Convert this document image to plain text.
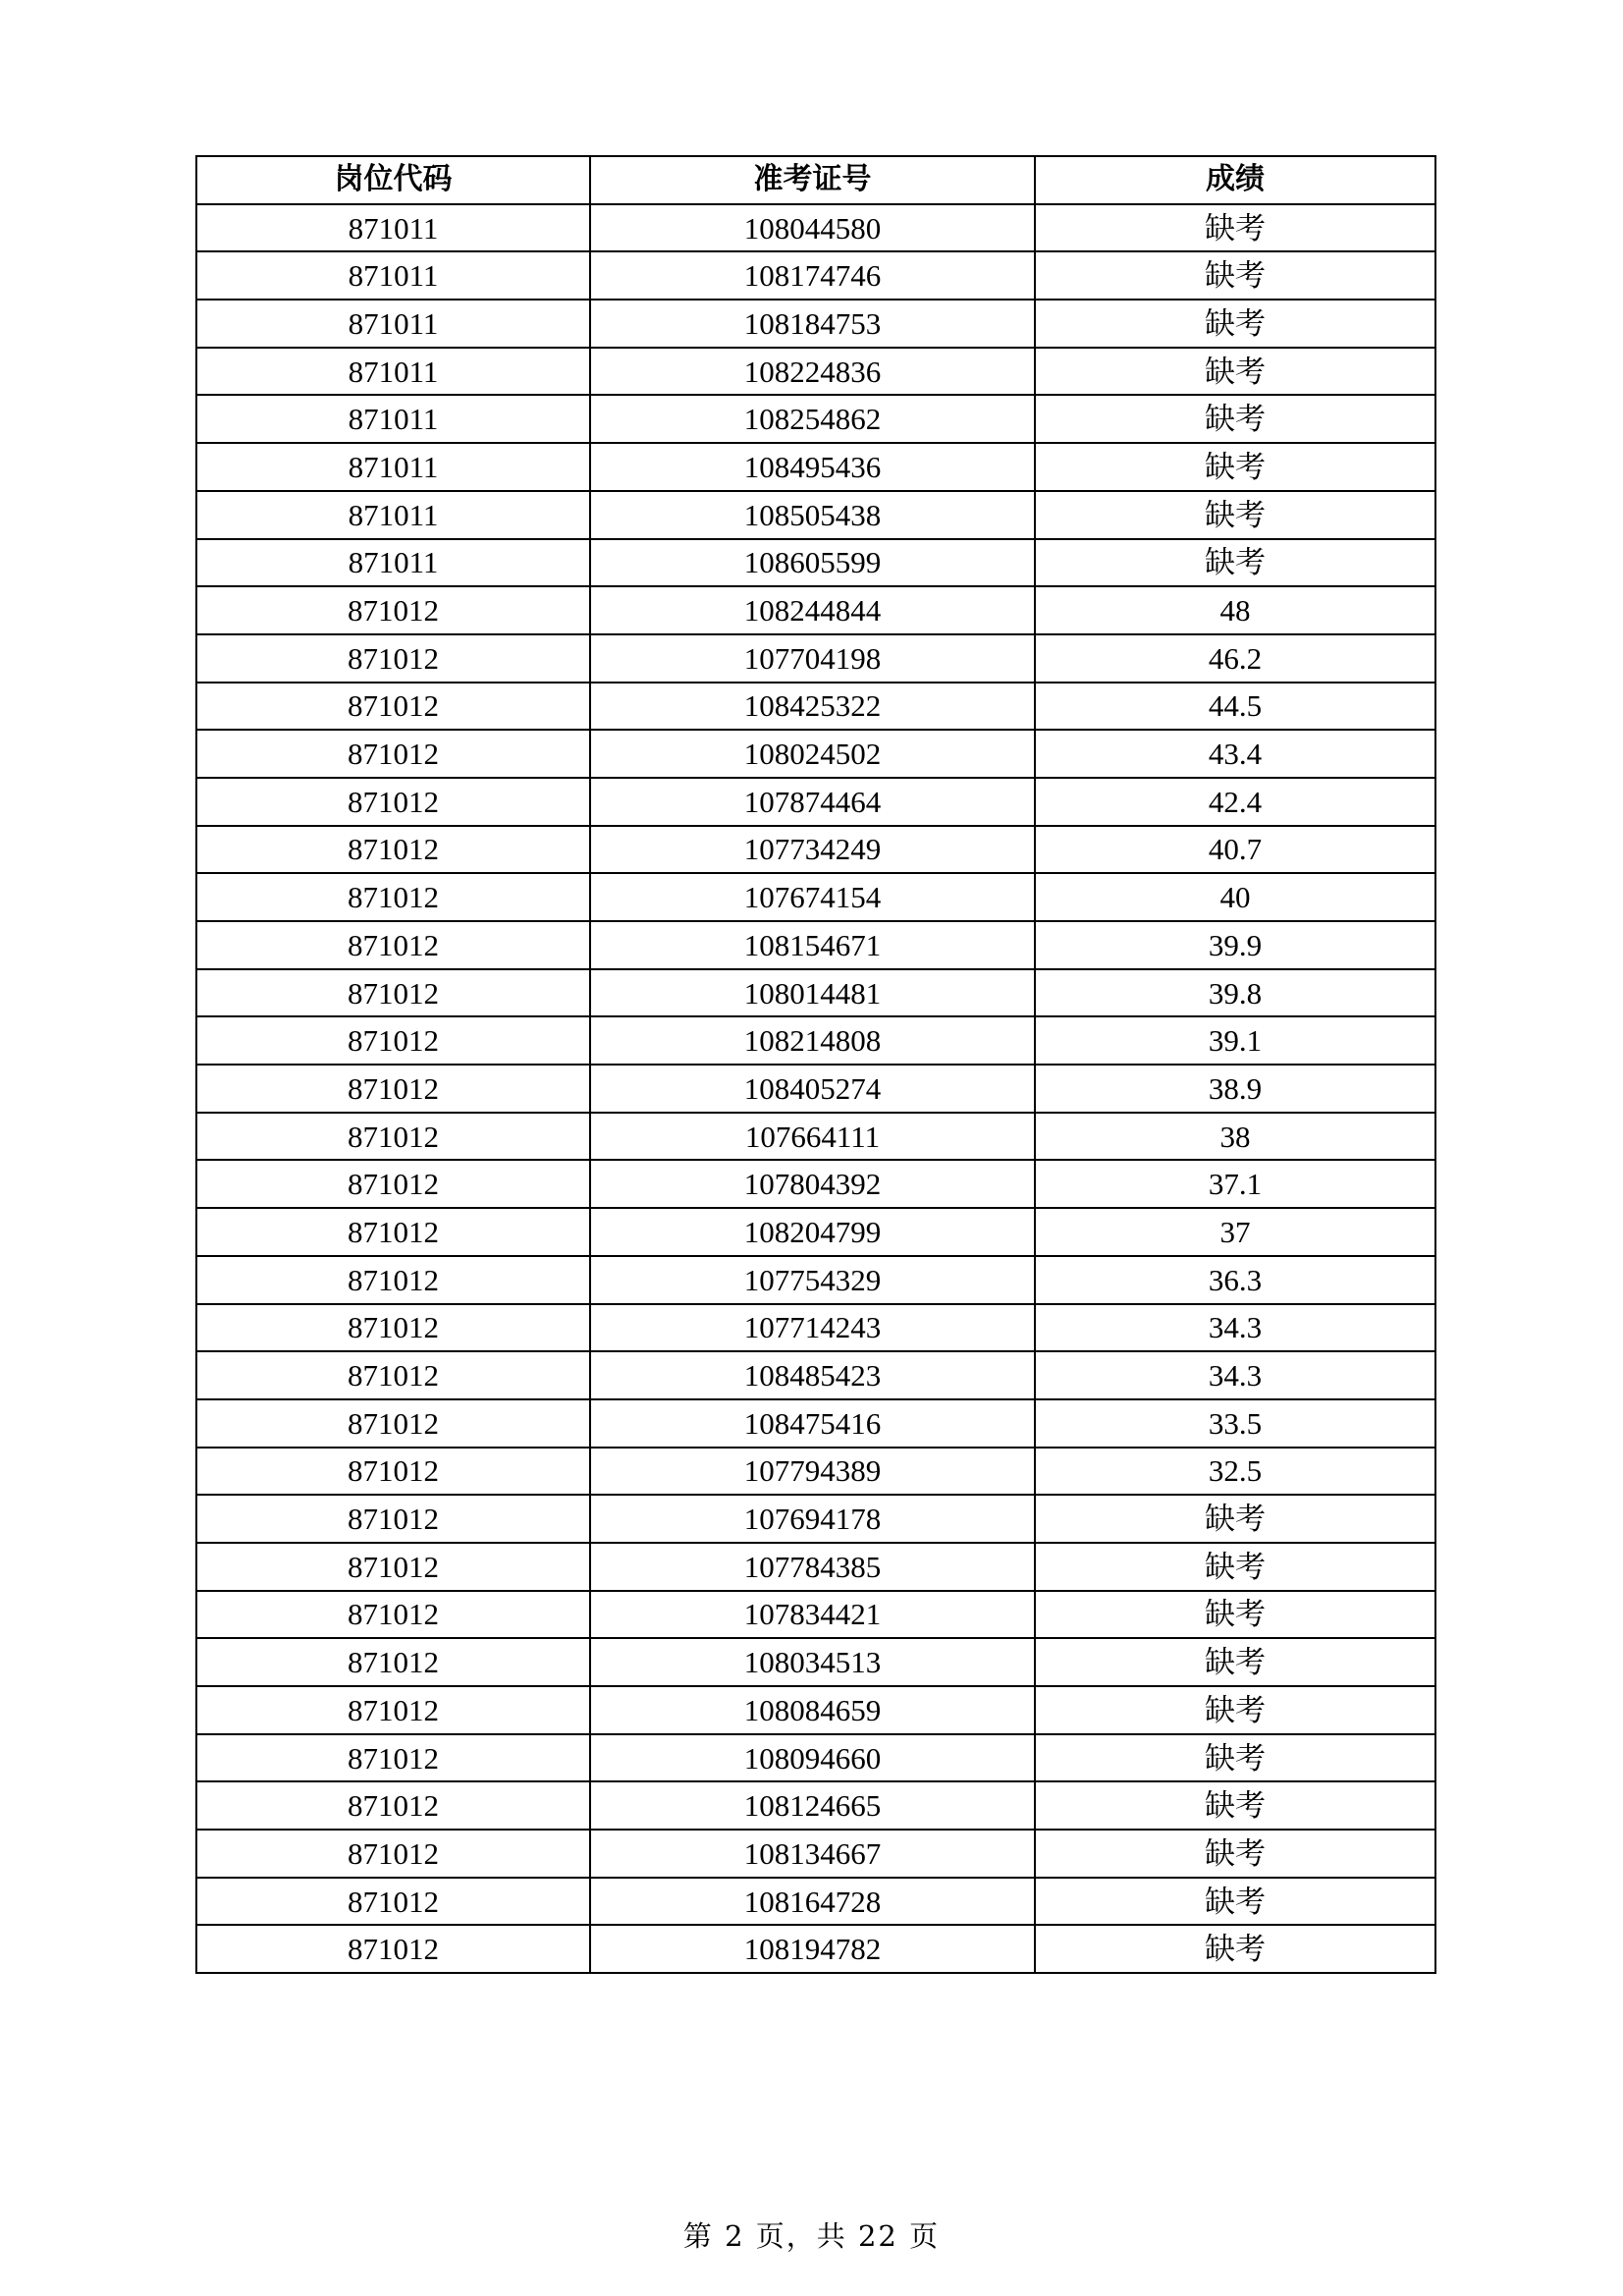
岗位代码	准考证号	成绩
871011	108044580	缺考
871011	108174746	缺考
871011	108184753	缺考
871011	108224836	缺考
871011	108254862	缺考
871011	108495436	缺考
871011	108505438	缺考
871011	108605599	缺考
871012	108244844	48
871012	107704198	46.2
871012	108425322	44.5
871012	108024502	43.4
871012	107874464	42.4
871012	107734249	40.7
871012	107674154	40
871012	108154671	39.9
871012	108014481	39.8
871012	108214808	39.1
871012	108405274	38.9
871012	107664111	38
871012	107804392	37.1
871012	108204799	37
871012	107754329	36.3
871012	107714243	34.3
871012	108485423	34.3
871012	108475416	33.5
871012	107794389	32.5
871012	107694178	缺考
871012	107784385	缺考
871012	107834421	缺考
871012	108034513	缺考
871012	108084659	缺考
871012	108094660	缺考
871012	108124665	缺考
871012	108134667	缺考
871012	108164728	缺考
871012	108194782	缺考
第 2 页，共 22 页
